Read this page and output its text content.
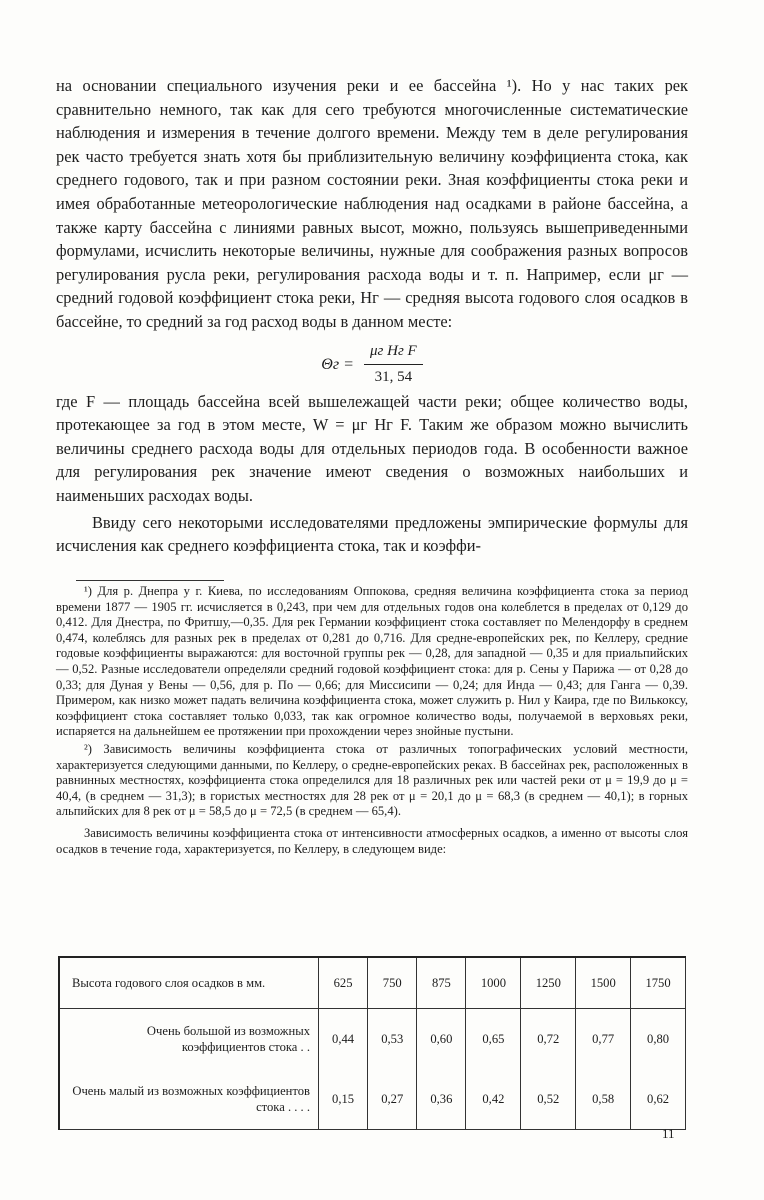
на основании специального изучения реки и ее бассейна ¹). Но у нас таких рек сравнительно немного, так как для сего требуются многочисленные систематические наблюдения и измерения в течение долгого времени. Между тем в деле регулирования рек часто требуется знать хотя бы приблизительную величину коэффициента стока, как среднего годового, так и при разном состоянии реки. Зная коэффициенты стока реки и имея обработанные метеорологические наблюдения над осадками в районе бассейна, а также карту бассейна с линиями равных высот, можно, пользуясь вышеприведенными формулами, исчислить некоторые величины, нужные для соображения разных вопросов регулирования русла реки, регулирования расхода воды и т. п. Например, если μг — средний годовой коэффициент стока реки, Hг — средняя высота годового слоя осадков в бассейне, то средний за год расход воды в данном месте:

$\Theta г = \frac{\text{μг Hг F}}{31, 54}$

где F — площадь бассейна всей вышележащей части реки; общее количество воды, протекающее за год в этом месте, W = μг Hг F. Таким же образом можно вычислить величины среднего расхода воды для отдельных периодов года. В особенности важное для регулирования рек значение имеют сведения о возможных наибольших и наименьших расходах воды.

Ввиду сего некоторыми исследователями предложены эмпирические формулы для исчисления как среднего коэффициента стока, так и коэффи-

¹) Для р. Днепра у г. Киева, по исследованиям Оппокова, средняя величина коэффициента стока за период времени 1877 — 1905 гг. исчисляется в 0,243, при чем для отдельных годов она колеблется в пределах от 0,129 до 0,412. Для Днестра, по Фритшу,—0,35. Для рек Германии коэффициент стока составляет по Мелендорфу в среднем 0,474, колеблясь для разных рек в пределах от 0,281 до 0,716. Для средне-европейских рек, по Келлеру, средние годовые коэффициенты выражаются: для восточной группы рек — 0,28, для западной — 0,35 и для приальпийских — 0,52. Разные исследователи определяли средний годовой коэффициент стока: для р. Сены у Парижа — от 0,28 до 0,33; для Дуная у Вены — 0,56, для р. По — 0,66; для Миссисипи — 0,24; для Инда — 0,43; для Ганга — 0,39. Примером, как низко может падать величина коэффициента стока, может служить р. Нил у Каира, где по Вилькоксу, коэффициент стока составляет только 0,033, так как огромное количество воды, получаемой в верховьях реки, испаряется на дальнейшем ее протяжении при прохождении через знойные пустыни.

²) Зависимость величины коэффициента стока от различных топографических условий местности, характеризуется следующими данными, по Келлеру, о средне-европейских реках. В бассейнах рек, расположенных в равнинных местностях, коэффициента стока определился для 18 различных рек или частей реки от μ = 19,9 до μ = 40,4, (в среднем — 31,3); в гористых местностях для 28 рек от μ = 20,1 до μ = 68,3 (в среднем — 40,1); в горных альпийских для 8 рек от μ = 58,5 до μ = 72,5 (в среднем — 65,4).

Зависимость величины коэффициента стока от интенсивности атмосферных осадков, а именно от высоты слоя осадков в течение года, характеризуется, по Келлеру, в следующем виде:

Высота годового слоя осадков в мм.	625	750	875	1000	1250	1500	1750
Очень большой из возможных коэффициентов стока . .	0,44	0,53	0,60	0,65	0,72	0,77	0,80
Очень малый из возможных коэффициентов стока . . . .	0,15	0,27	0,36	0,42	0,52	0,58	0,62
11
